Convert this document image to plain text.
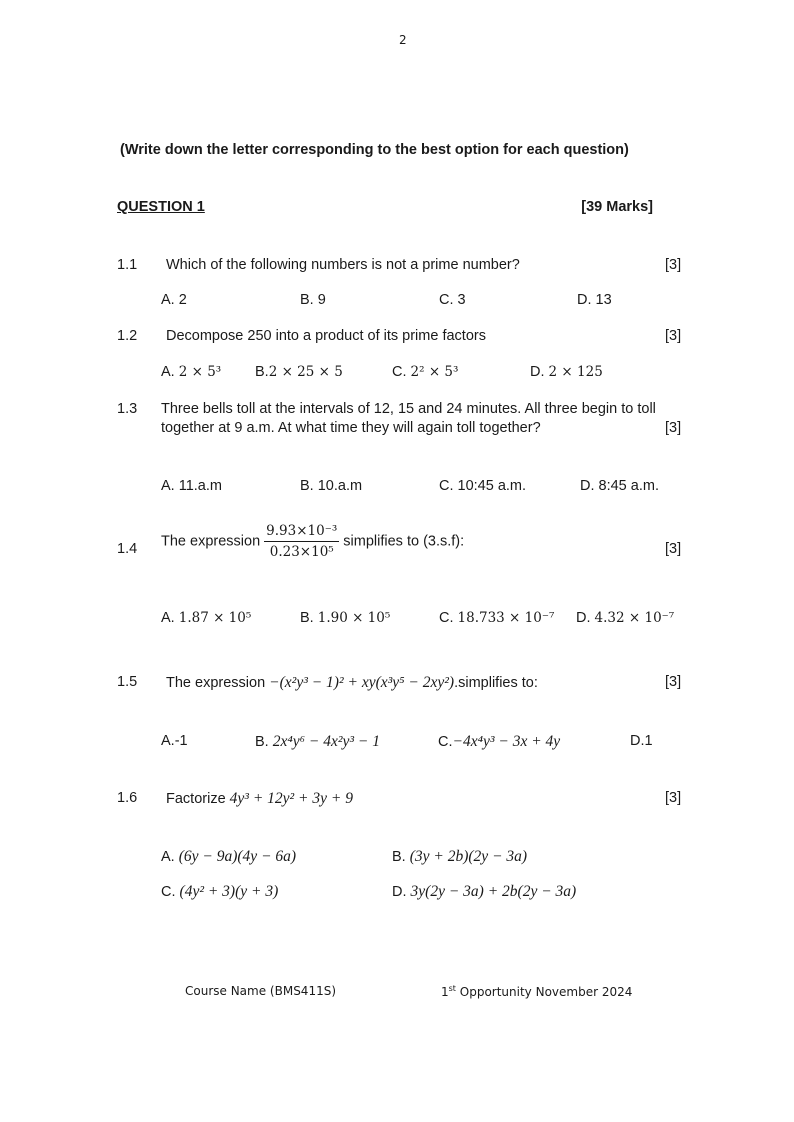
2
(Write down the letter corresponding to the best option for each question)
QUESTION 1	[39 Marks]
1.1 Which of the following numbers is not a prime number?	[3]
A. 2	B. 9	C. 3	D. 13
1.2 Decompose 250 into a product of its prime factors	[3]
A. 2 × 5³ B.2 × 25 × 5	C. 2² × 5³	D. 2 × 125
1.3 Three bells toll at the intervals of 12, 15 and 24 minutes. All three begin to toll
together at 9 a.m. At what time they will again toll together?	[3]
A. 11.a.m	B. 10.a.m	C. 10:45 a.m.	D. 8:45 a.m.
1.4 The expression $\frac{\text{9.93×10⁻³}}{\text{0.23×10⁵}}$ simplifies to (3.s.f):	[3]
A. 1.87 × 10⁵	B. 1.90 × 10⁵	C. 18.733 × 10⁻⁷ D. 4.32 × 10⁻⁷
1.5 The expression −(x²y³ − 1)² + xy(x³y⁵ − 2xy²).simplifies to:	[3]
A.-1	B. 2x⁴y⁶ − 4x²y³ − 1	C.−4x⁴y³ − 3x + 4y	D.1
1.6 Factorize 4y³ + 12y² + 3y + 9	[3]
A. (6y − 9a)(4y − 6a)	B. (3y + 2b)(2y − 3a)
C. (4y² + 3)(y + 3)	D. 3y(2y − 3a) + 2b(2y − 3a)
Course Name (BMS411S)	1st Opportunity November 2024
